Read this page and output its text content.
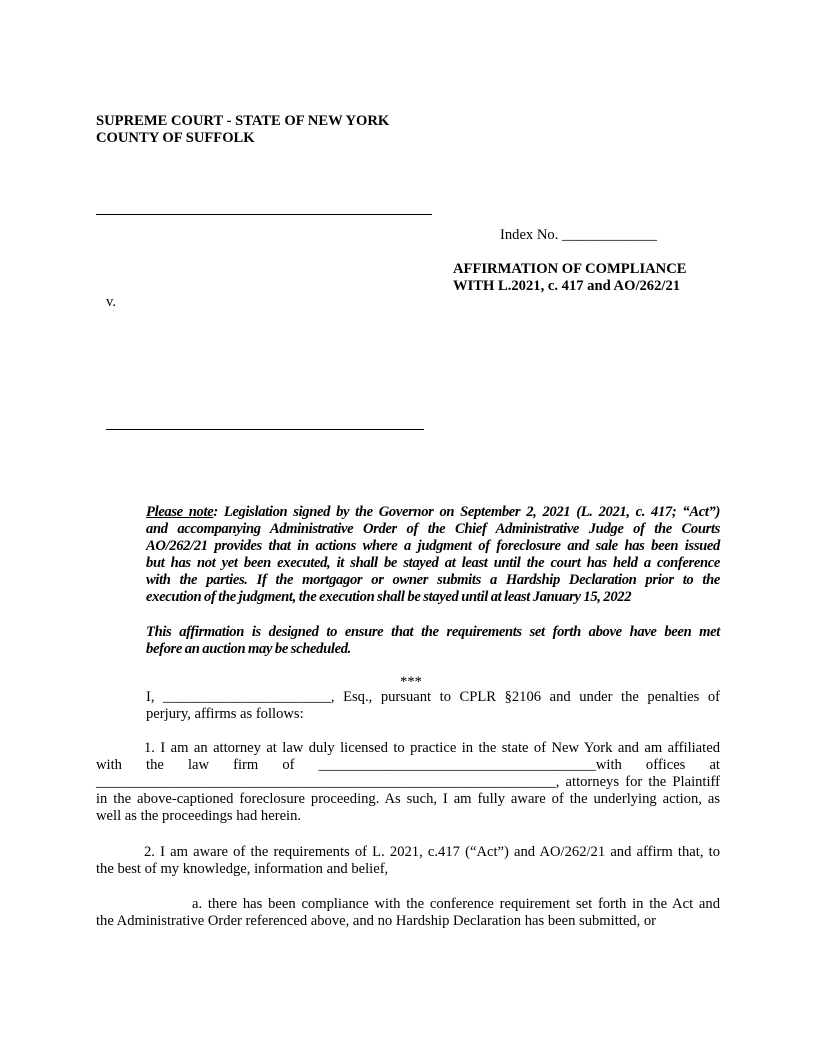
SUPREME COURT - STATE OF NEW YORK

COUNTY OF SUFFOLK

Index No. _____________

AFFIRMATION OF COMPLIANCE

WITH L.2021, c. 417 and AO/262/21

v.

Please note: Legislation signed by the Governor on September 2, 2021 (L. 2021, c. 417; “Act”)
and accompanying Administrative Order of the Chief Administrative Judge of the Courts
AO/262/21 provides that in actions where a judgment of foreclosure and sale has been issued
but has not yet been executed, it shall be stayed at least until the court has held a conference
with the parties. If the mortgagor or owner submits a Hardship Declaration prior to the
execution of the judgment, the execution shall be stayed until at least January 15, 2022
This affirmation is designed to ensure that the requirements set forth above have been met
before an auction may be scheduled.

***

I, _______________________, Esq., pursuant to CPLR §2106 and under the penalties of
perjury, affirms as follows:
1. I am an attorney at law duly licensed to practice in the state of New York and am affiliated
with the law firm of ______________________________________with offices at
_______________________________________________________________, attorneys for the Plaintiff
in the above-captioned foreclosure proceeding. As such, I am fully aware of the underlying action, as
well as the proceedings had herein.
2. I am aware of the requirements of L. 2021, c.417 (“Act”) and AO/262/21 and affirm that, to
the best of my knowledge, information and belief,
a. there has been compliance with the conference requirement set forth in the Act and
the Administrative Order referenced above, and no Hardship Declaration has been submitted, or
